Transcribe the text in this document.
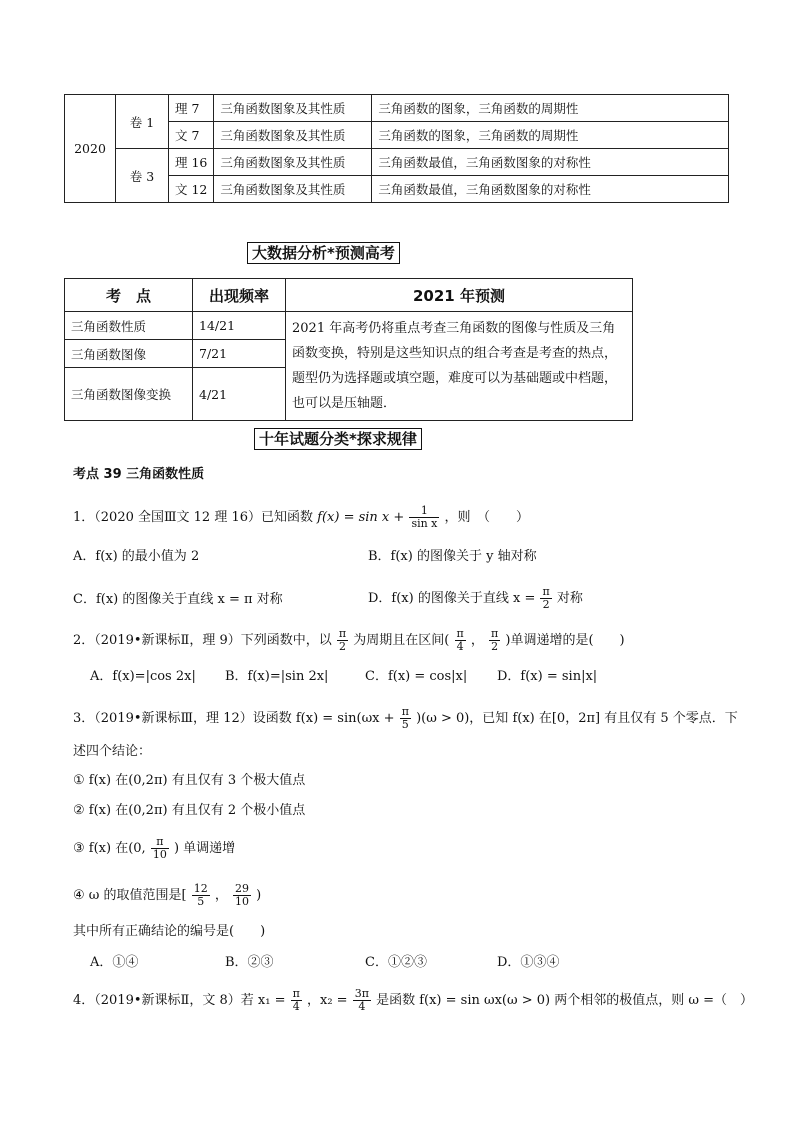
2020	卷 1	理 7	三角函数图象及其性质	三角函数的图象，三角函数的周期性
		文 7	三角函数图象及其性质	三角函数的图象，三角函数的周期性
	卷 3	理 16	三角函数图象及其性质	三角函数最值，三角函数图象的对称性
		文 12	三角函数图象及其性质	三角函数最值，三角函数图象的对称性
大数据分析*预测高考
考　点	出现频率	2021 年预测
三角函数性质	14/21	2021 年高考仍将重点考查三角函数的图像与性质及三角函数变换，特别是这些知识点的组合考查是考查的热点，题型仍为选择题或填空题，难度可以为基础题或中档题，也可以是压轴题．
三角函数图像	7/21	
三角函数图像变换	4/21	
十年试题分类*探求规律
考点 39 三角函数性质
1．（2020 全国Ⅲ文 12 理 16）已知函数 $f(x) = \sin x + \frac{1}{\text{sin x}}$ ，则　（　　）
A．f(x) 的最小值为 2	B．f(x) 的图像关于 y 轴对称
C．f(x) 的图像关于直线 x = π 对称	D．f(x) 的图像关于直线 $x = \frac{\pi}{2}$ 对称
2．（2019•新课标Ⅱ，理 9）下列函数中，以 $\frac{\pi}{2}$ 为周期且在区间( $\frac{\pi}{4}$ ， $\frac{\pi}{2}$ )单调递增的是(　　)
A．f(x)=|cos 2x| B．f(x)=|sin 2x|	C．f(x) = cos|x| D．f(x) = sin|x|
3．（2019•新课标Ⅲ，理 12）设函数 $f(x) = \sin(\omega x + \frac{\pi}{5} )(\omega > 0)$，已知 f(x) 在[0，2π] 有且仅有 5 个零点．下
述四个结论：
① f(x) 在(0,2π) 有且仅有 3 个极大值点
② f(x) 在(0,2π) 有且仅有 2 个极小值点
③ f(x) 在(0, $\frac{\pi}{10}$ ) 单调递增
④ ω 的取值范围是[ $\frac{12}{5}$ ， $\frac{29}{10}$ )
其中所有正确结论的编号是(　　)
A．①④	B．②③	C．①②③	D．①③④
4．（2019•新课标Ⅱ，文 8）若 $x_1 = \frac{\pi}{4}$ ，$x_2 = \frac{3\pi}{4}$ 是函数 f(x) = sin ωx(ω > 0) 两个相邻的极值点，则 ω =（　）
